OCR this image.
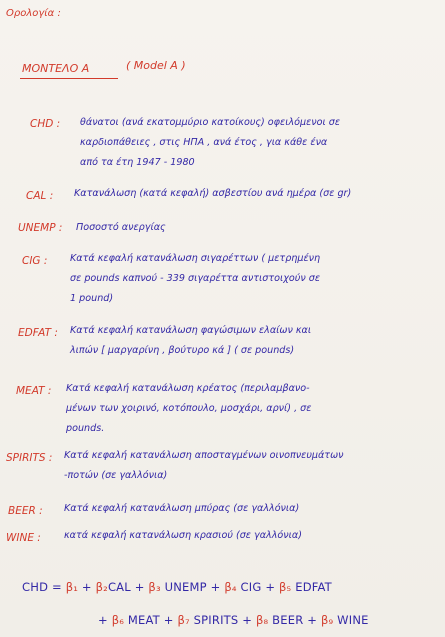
Ορολογία :
ΜΟΝΤΕΛΟ Α	( Model A )
CHD : θάνατοι (ανά εκατομμύριο κατοίκους) οφειλόμενοι σε
καρδιοπάθειες , στις ΗΠΑ , ανά έτος , για κάθε ένα
από τα έτη 1947 - 1980
CAL : Κατανάλωση (κατά κεφαλή) ασβεστίου ανά ημέρα (σε gr)
UNEMP : Ποσοστό ανεργίας
CIG : Κατά κεφαλή κατανάλωση σιγαρέττων ( μετρημένη
σε pounds καπνού - 339 σιγαρέττα αντιστοιχούν σε
1 pound)
EDFAT : Κατά κεφαλή κατανάλωση φαγώσιμων ελαίων και
λιπών [ μαργαρίνη , βούτυρο κά ] ( σε pounds)
MEAT : Κατά κεφαλή κατανάλωση κρέατος (περιλαμβανο-
μένων των χοιρινό, κοτόπουλο, μοσχάρι, αρνί) , σε
pounds.
SPIRITS : Κατά κεφαλή κατανάλωση αποσταγμένων οινοπνευμάτων
-ποτών (σε γαλλόνια)
BEER : Κατά κεφαλή κατανάλωση μπύρας (σε γαλλόνια)
WINE : κατά κεφαλή κατανάλωση κρασιού (σε γαλλόνια)
CHD = β₁ + β₂CAL + β₃ UNEMP + β₄ CIG + β₅ EDFAT
+ β₆ MEAT + β₇ SPIRITS + β₈ BEER + β₉ WINE
